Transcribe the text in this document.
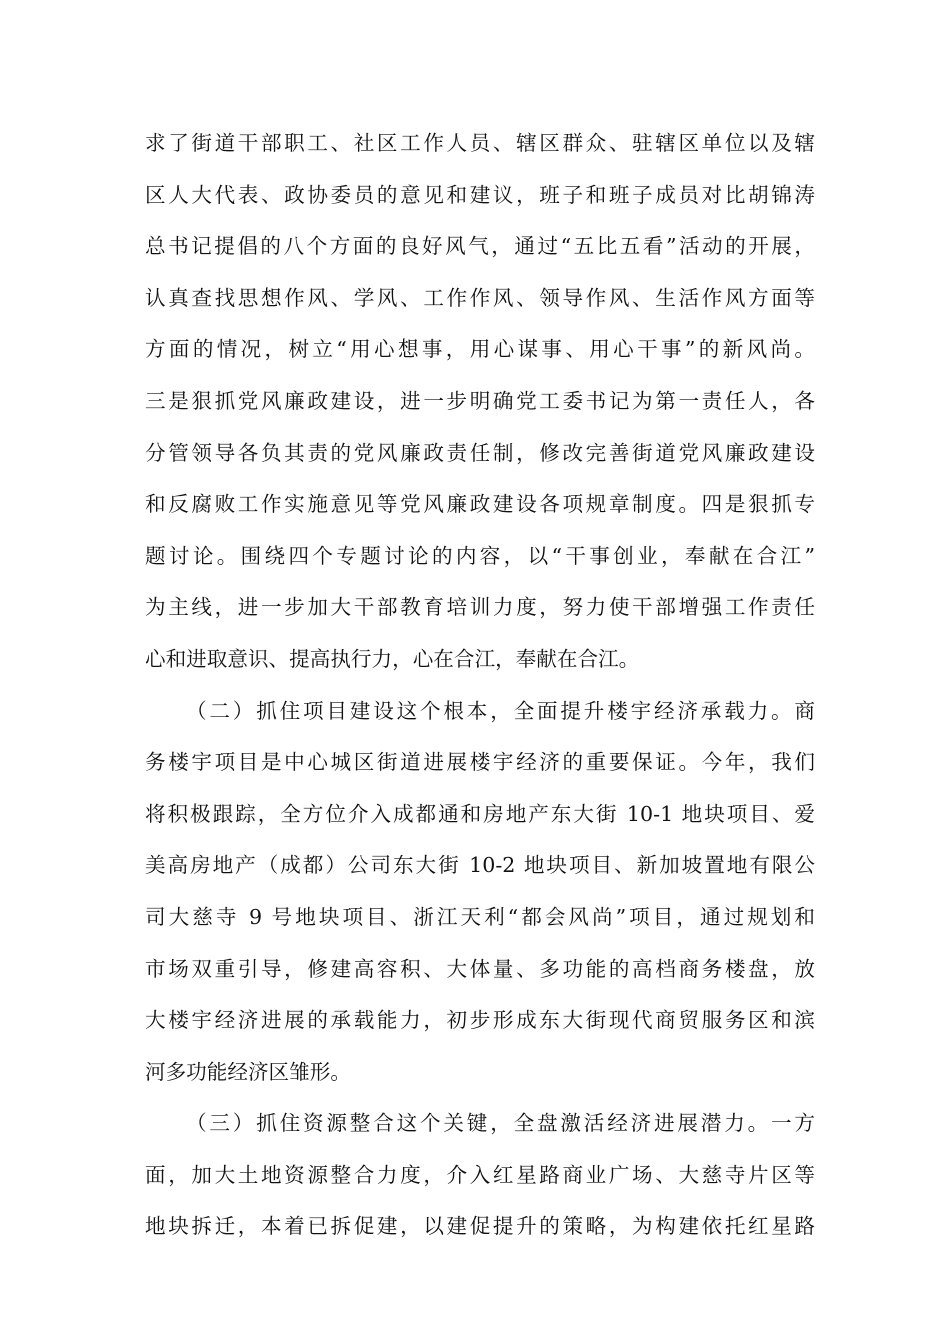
求了街道干部职工、社区工作人员、辖区群众、驻辖区单位以及辖
区人大代表、政协委员的意见和建议，班子和班子成员对比胡锦涛
总书记提倡的八个方面的良好风气，通过“五比五看”活动的开展，
认真查找思想作风、学风、工作作风、领导作风、生活作风方面等
方面的情况，树立“用心想事，用心谋事、用心干事”的新风尚。
三是狠抓党风廉政建设，进一步明确党工委书记为第一责任人，各
分管领导各负其责的党风廉政责任制，修改完善街道党风廉政建设
和反腐败工作实施意见等党风廉政建设各项规章制度。四是狠抓专
题讨论。围绕四个专题讨论的内容，以“干事创业，奉献在合江”
为主线，进一步加大干部教育培训力度，努力使干部增强工作责任
心和进取意识、提高执行力，心在合江，奉献在合江。
（二）抓住项目建设这个根本，全面提升楼宇经济承载力。商
务楼宇项目是中心城区街道进展楼宇经济的重要保证。今年，我们
将积极跟踪，全方位介入成都通和房地产东大街 10-1 地块项目、爱
美高房地产（成都）公司东大街 10-2 地块项目、新加坡置地有限公
司大慈寺 9 号地块项目、浙江天利“都会风尚”项目，通过规划和
市场双重引导，修建高容积、大体量、多功能的高档商务楼盘，放
大楼宇经济进展的承载能力，初步形成东大街现代商贸服务区和滨
河多功能经济区雏形。
（三）抓住资源整合这个关键，全盘激活经济进展潜力。一方
面，加大土地资源整合力度，介入红星路商业广场、大慈寺片区等
地块拆迁，本着已拆促建，以建促提升的策略，为构建依托红星路
